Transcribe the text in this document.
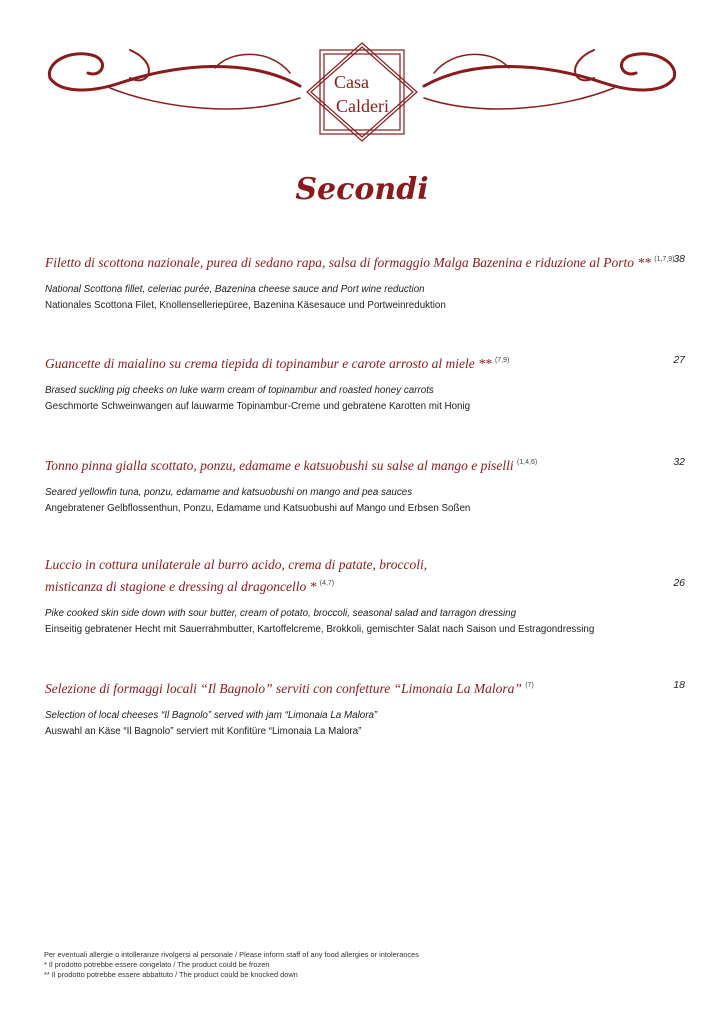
Casa
Calderi
Secondi
Filetto di scottona nazionale, purea di sedano rapa, salsa di formaggio Malga Bazenina e riduzione al Porto ** $^{(1,7,9)}$
38
National Scottona fillet, celeriac purée, Bazenina cheese sauce and Port wine reduction
Nationales Scottona Filet, Knollenselleriepüree, Bazenina Käsesauce und Portweinreduktion
Guancette di maialino su crema tiepida di topinambur e carote arrosto al miele ** $^{(7,9)}$	27
Brased suckling pig cheeks on luke warm cream of topinambur and roasted honey carrots
Geschmorte Schweinwangen auf lauwarme Topinambur-Creme und gebratene Karotten mit Honig
Tonno pinna gialla scottato, ponzu, edamame e katsuobushi su salse al mango e piselli $^{(1,4,6)}$	32
Seared yellowfin tuna, ponzu, edamame and katsuobushi on mango and pea sauces
Angebratener Gelbflossenthun, Ponzu, Edamame und Katsuobushi auf Mango und Erbsen Soßen
Luccio in cottura unilaterale al burro acido, crema di patate, broccoli,
misticanza di stagione e dressing al dragoncello * $^{(4,7)}$	26
Pike cooked skin side down with sour butter, cream of potato, broccoli, seasonal salad and tarragon dressing
Einseitig gebratener Hecht mit Sauerrahmbutter, Kartoffelcreme, Brokkoli, gemischter Salat nach Saison und Estragondressing
Selezione di formaggi locali “Il Bagnolo” serviti con confetture “Limonaia La Malora” $^{(7)}$	18
Selection of local cheeses “Il Bagnolo” served with jam “Limonaia La Malora”
Auswahl an Käse “Il Bagnolo” serviert mit Konfitüre “Limonaia La Malora”
Per eventuali allergie o intolleranze rivolgersi al personale / Please inform staff of any food allergies or intolerances
* Il prodotto potrebbe essere congelato / The product could be frozen
** Il prodotto potrebbe essere abbattuto / The product could be knocked down
